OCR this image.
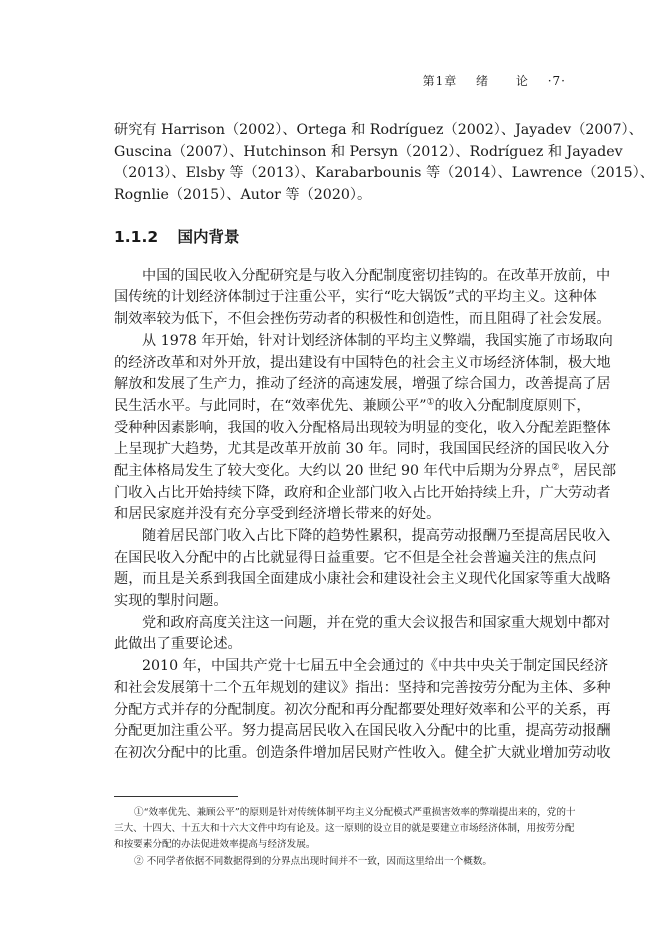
第1章 绪 论 ·7·
研究有 Harrison（2002）、Ortega 和 Rodríguez（2002）、Jayadev（2007）、
Guscina（2007）、Hutchinson 和 Persyn（2012）、Rodríguez 和 Jayadev
（2013）、Elsby 等（2013）、Karabarbounis 等（2014）、Lawrence（2015）、
Rognlie（2015）、Autor 等（2020）。
1.1.2 国内背景
中国的国民收入分配研究是与收入分配制度密切挂钩的。在改革开放前，中
国传统的计划经济体制过于注重公平，实行“吃大锅饭”式的平均主义。这种体
制效率较为低下，不但会挫伤劳动者的积极性和创造性，而且阻碍了社会发展。
从 1978 年开始，针对计划经济体制的平均主义弊端，我国实施了市场取向
的经济改革和对外开放，提出建设有中国特色的社会主义市场经济体制，极大地
解放和发展了生产力，推动了经济的高速发展，增强了综合国力，改善提高了居
民生活水平。与此同时，在“效率优先、兼顾公平”①的收入分配制度原则下，
受种种因素影响，我国的收入分配格局出现较为明显的变化，收入分配差距整体
上呈现扩大趋势，尤其是改革开放前 30 年。同时，我国国民经济的国民收入分
配主体格局发生了较大变化。大约以 20 世纪 90 年代中后期为分界点②，居民部
门收入占比开始持续下降，政府和企业部门收入占比开始持续上升，广大劳动者
和居民家庭并没有充分享受到经济增长带来的好处。
随着居民部门收入占比下降的趋势性累积，提高劳动报酬乃至提高居民收入
在国民收入分配中的占比就显得日益重要。它不但是全社会普遍关注的焦点问
题，而且是关系到我国全面建成小康社会和建设社会主义现代化国家等重大战略
实现的掣肘问题。
党和政府高度关注这一问题，并在党的重大会议报告和国家重大规划中都对
此做出了重要论述。
2010 年，中国共产党十七届五中全会通过的《中共中央关于制定国民经济
和社会发展第十二个五年规划的建议》指出：坚持和完善按劳分配为主体、多种
分配方式并存的分配制度。初次分配和再分配都要处理好效率和公平的关系，再
分配更加注重公平。努力提高居民收入在国民收入分配中的比重，提高劳动报酬
在初次分配中的比重。创造条件增加居民财产性收入。健全扩大就业增加劳动收
①“效率优先、兼顾公平”的原则是针对传统体制平均主义分配模式严重损害效率的弊端提出来的，党的十
三大、十四大、十五大和十六大文件中均有论及。这一原则的设立目的就是要建立市场经济体制，用按劳分配
和按要素分配的办法促进效率提高与经济发展。
② 不同学者依据不同数据得到的分界点出现时间并不一致，因而这里给出一个概数。
